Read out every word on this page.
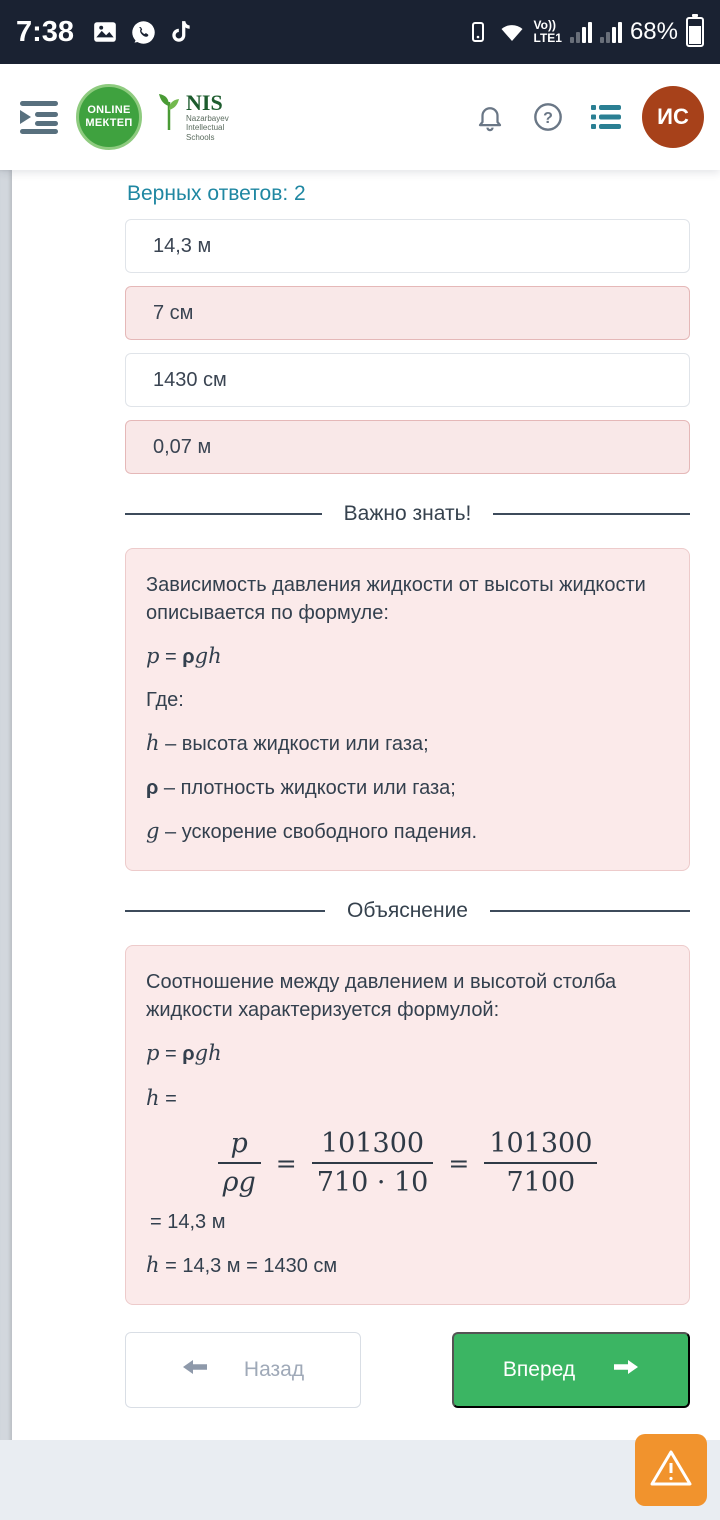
7:38	Vo))
LTE1	68%
ONLINE
МЕКТЕП
NIS
Nazarbayev
Intellectual
Schools
?	ИС
Верных ответов: 2
14,3 м
7 см
1430 см
0,07 м
Важно знать!

Зависимость давления жидкости от высоты жидкости описывается по формуле:

p = ρgh

Где:

h – высота жидкости или газа;

ρ – плотность жидкости или газа;

g – ускорение свободного падения.

Объяснение

Соотношение между давлением и высотой столба жидкости характеризуется формулой:

p = ρgh

h =

$\frac{p}{\rho g} = \frac{101300}{710 \cdot 10} = \frac{101300}{7100}$

= 14,3 м

h = 14,3 м = 1430 см

Назад	Вперед
